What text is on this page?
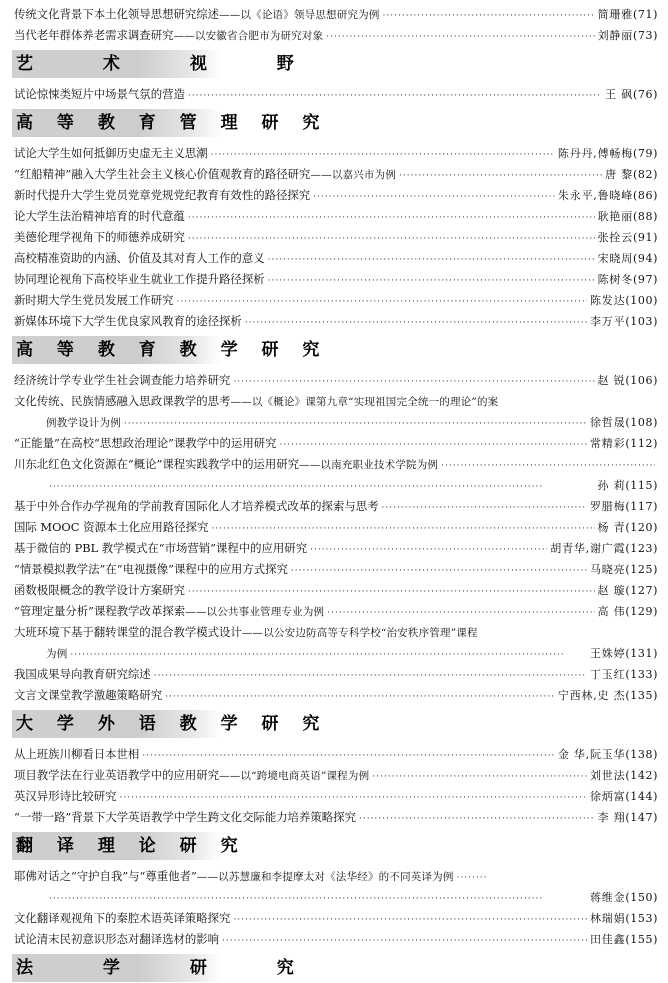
传统文化背景下本土化领导思想研究综述 ——以《论语》领导思想研究为例 ·····	简珊雅 (71)
当代老年群体养老需求调查研究 ——以安徽省合肥市为研究对象 ·····	刘静丽 (73)
艺 术 视 野
试论惊悚类短片中场景气氛的营造 ·····	王 砜 (76)
高 等 教 育 管 理 研 究
试论大学生如何抵御历史虚无主义思潮 ·····	陈丹丹,傅畅梅 (79)
“红船精神”融入大学生社会主义核心价值观教育的路径研究 ——以嘉兴市为例 ·····	唐 黎 (82)
新时代提升大学生党员党章党规党纪教育有效性的路径探究 ·····	朱永平,鲁晓峰 (86)
论大学生法治精神培育的时代意蕴 ·····	耿艳丽 (88)
美德伦理学视角下的师德养成研究 ·····	张拴云 (91)
高校精准资助的内涵、价值及其对育人工作的意义 ·····	宋晓周 (94)
协同理论视角下高校毕业生就业工作提升路径探析 ·····	陈树冬 (97)
新时期大学生党员发展工作研究 ·····	陈发达 (100)
新媒体环境下大学生优良家风教育的途径探析 ·····	李万平 (103)
高 等 教 育 教 学 研 究
经济统计学专业学生社会调查能力培养研究 ·····	赵 锐 (106)
文化传统、民族情感融入思政课教学的思考 ——以《概论》课第九章“实现祖国完全统一的理论”的案
例教学设计为例 ·····	徐哲晟 (108)
“正能量”在高校“思想政治理论”课教学中的运用研究 ·····	常精彩 (112)
川东北红色文化资源在“概论”课程实践教学中的运用研究 ——以南充职业技术学院为例
·····
·····
孙 莉 (115)
基于中外合作办学视角的学前教育国际化人才培养模式改革的探索与思考 ·····	罗腊梅 (117)
国际 MOOC 资源本土化应用路径探究 ·····	杨 青 (120)
基于微信的 PBL 教学模式在“市场营销”课程中的应用研究 ·····	胡青华,谢广霞 (123)
“情景模拟教学法”在“电视摄像”课程中的应用方式探究 ·····	马晓亮 (125)
函数极限概念的教学设计方案研究 ·····	赵 璇 (127)
“管理定量分析”课程教学改革探索 ——以公共事业管理专业为例 ·····	高 伟 (129)
大班环境下基于翻转课堂的混合教学模式设计 ——以公安边防高等专科学校“治安秩序管理”课程
为例 ·····	王姝婷 (131)
我国成果导向教育研究综述 ·····	丁玉红 (133)
文言文课堂教学激趣策略研究 ·····	宁西林,史 杰 (135)
大 学 外 语 教 学 研 究
从上班族川柳看日本世相 ·····	金 华,阮玉华 (138)
项目教学法在行业英语教学中的应用研究 ——以“跨境电商英语”课程为例 ·····	刘世法 (142)
英汉异形诗比较研究 ·····	徐炳富 (144)
“一带一路”背景下大学英语教学中学生跨文化交际能力培养策略探究 ·····	李 翔 (147)
翻 译 理 论 研 究
耶佛对话之“守护自我”与“尊重他者” ——以苏慧廉和李提摩太对《法华经》的不同英译为例
·····
·····
蒋维金 (150)
文化翻译观视角下的秦腔术语英译策略探究 ·····	林瑞娟 (153)
试论清末民初意识形态对翻译选材的影响 ·····	田佳鑫 (155)
法 学 研 究
